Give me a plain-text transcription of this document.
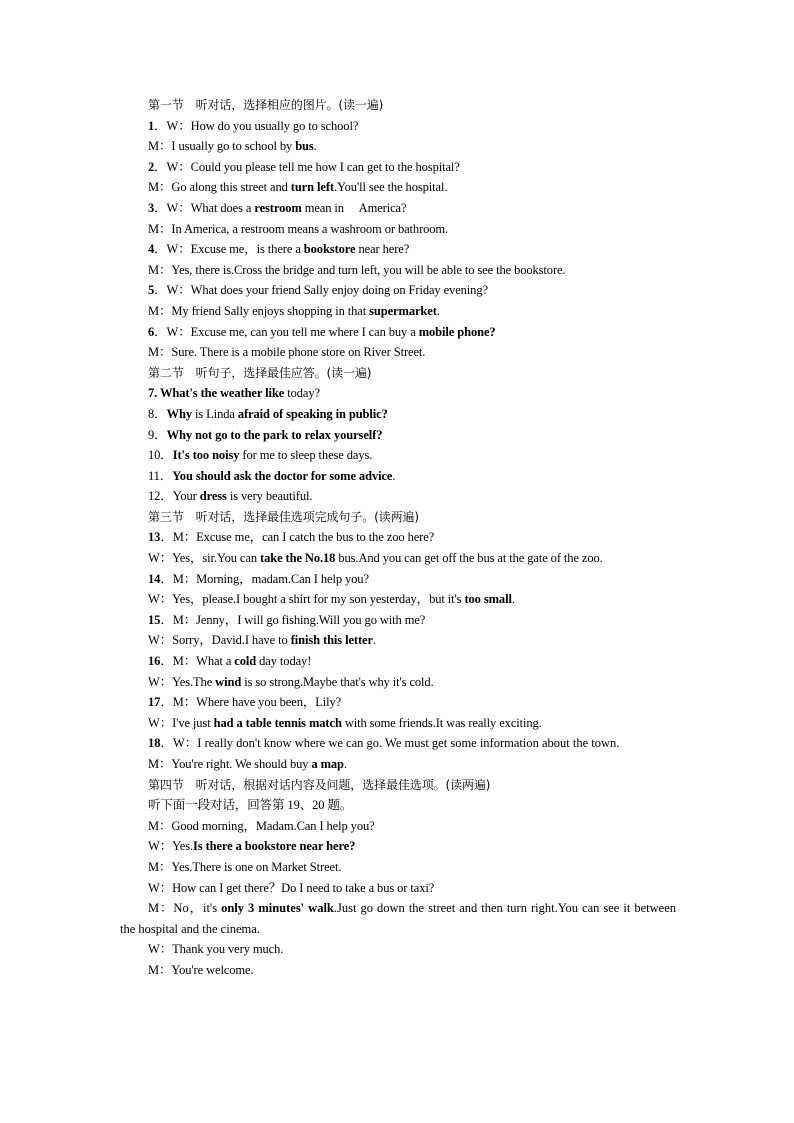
第一节　听对话，选择相应的图片。(读一遍)
1．W：How do you usually go to school?
M：I usually go to school by bus.
2．W：Could you please tell me how I can get to the hospital?
M：Go along this street and turn left.You'll see the hospital.
3．W：What does a restroom mean in　 America?
M：In America, a restroom means a washroom or bathroom.
4．W：Excuse me，is there a bookstore near here?
M：Yes, there is.Cross the bridge and turn left, you will be able to see the bookstore.
5．W：What does your friend Sally enjoy doing on Friday evening?
M：My friend Sally enjoys shopping in that supermarket.
6．W：Excuse me, can you tell me where I can buy a mobile phone?
M：Sure. There is a mobile phone store on River Street.
第二节　听句子，选择最佳应答。(读一遍)
7. What's the weather like today?
8．Why is Linda afraid of speaking in public?
9．Why not go to the park to relax yourself?
10．It's too noisy for me to sleep these days.
11．You should ask the doctor for some advice.
12．Your dress is very beautiful.
第三节　听对话，选择最佳选项完成句子。(读两遍)
13．M：Excuse me，can I catch the bus to the zoo here?
W：Yes，sir.You can take the No.18 bus.And you can get off the bus at the gate of the zoo.
14．M：Morning，madam.Can I help you?
W：Yes，please.I bought a shirt for my son yesterday，but it's too small.
15．M：Jenny，I will go fishing.Will you go with me?
W：Sorry，David.I have to finish this letter.
16．M：What a cold day today!
W：Yes.The wind is so strong.Maybe that's why it's cold.
17．M：Where have you been，Lily?
W：I've just had a table tennis match with some friends.It was really exciting.
18．W：I really don't know where we can go. We must get some information about the town.
M：You're right. We should buy a map.
第四节　听对话，根据对话内容及问题，选择最佳选项。(读两遍)
听下面一段对话，回答第 19、20 题。
M：Good morning，Madam.Can I help you?
W：Yes.Is there a bookstore near here?
M：Yes.There is one on Market Street.
W：How can I get there？Do I need to take a bus or taxi?
M：No，it's only 3 minutes' walk.Just go down the street and then turn right.You can see it between the hospital and the cinema.
W：Thank you very much.
M：You're welcome.
